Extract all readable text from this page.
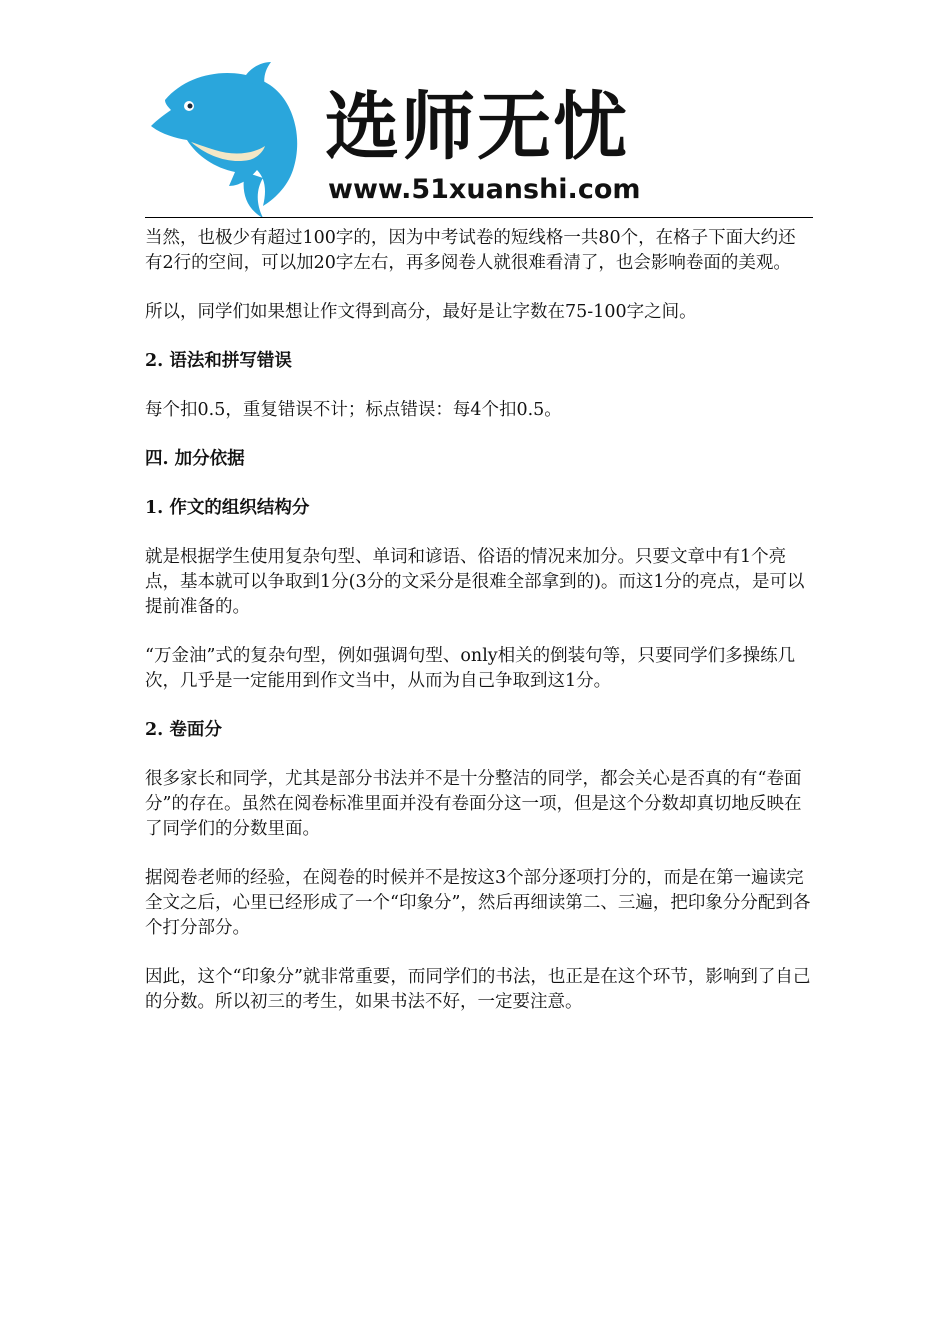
选师无忧
www.51xuanshi.com

当然，也极少有超过100字的，因为中考试卷的短线格一共80个，在格子下面大约还有2行的空间，可以加20字左右，再多阅卷人就很难看清了，也会影响卷面的美观。

所以，同学们如果想让作文得到高分，最好是让字数在75-100字之间。

2. 语法和拼写错误

每个扣0.5，重复错误不计；标点错误：每4个扣0.5。

四. 加分依据
1. 作文的组织结构分

就是根据学生使用复杂句型、单词和谚语、俗语的情况来加分。只要文章中有1个亮点，基本就可以争取到1分(3分的文采分是很难全部拿到的)。而这1分的亮点，是可以提前准备的。

“万金油”式的复杂句型，例如强调句型、only相关的倒装句等，只要同学们多操练几次，几乎是一定能用到作文当中，从而为自己争取到这1分。

2. 卷面分

很多家长和同学，尤其是部分书法并不是十分整洁的同学，都会关心是否真的有“卷面分”的存在。虽然在阅卷标准里面并没有卷面分这一项，但是这个分数却真切地反映在了同学们的分数里面。

据阅卷老师的经验，在阅卷的时候并不是按这3个部分逐项打分的，而是在第一遍读完全文之后，心里已经形成了一个“印象分”，然后再细读第二、三遍，把印象分分配到各个打分部分。

因此，这个“印象分”就非常重要，而同学们的书法，也正是在这个环节，影响到了自己的分数。所以初三的考生，如果书法不好，一定要注意。
